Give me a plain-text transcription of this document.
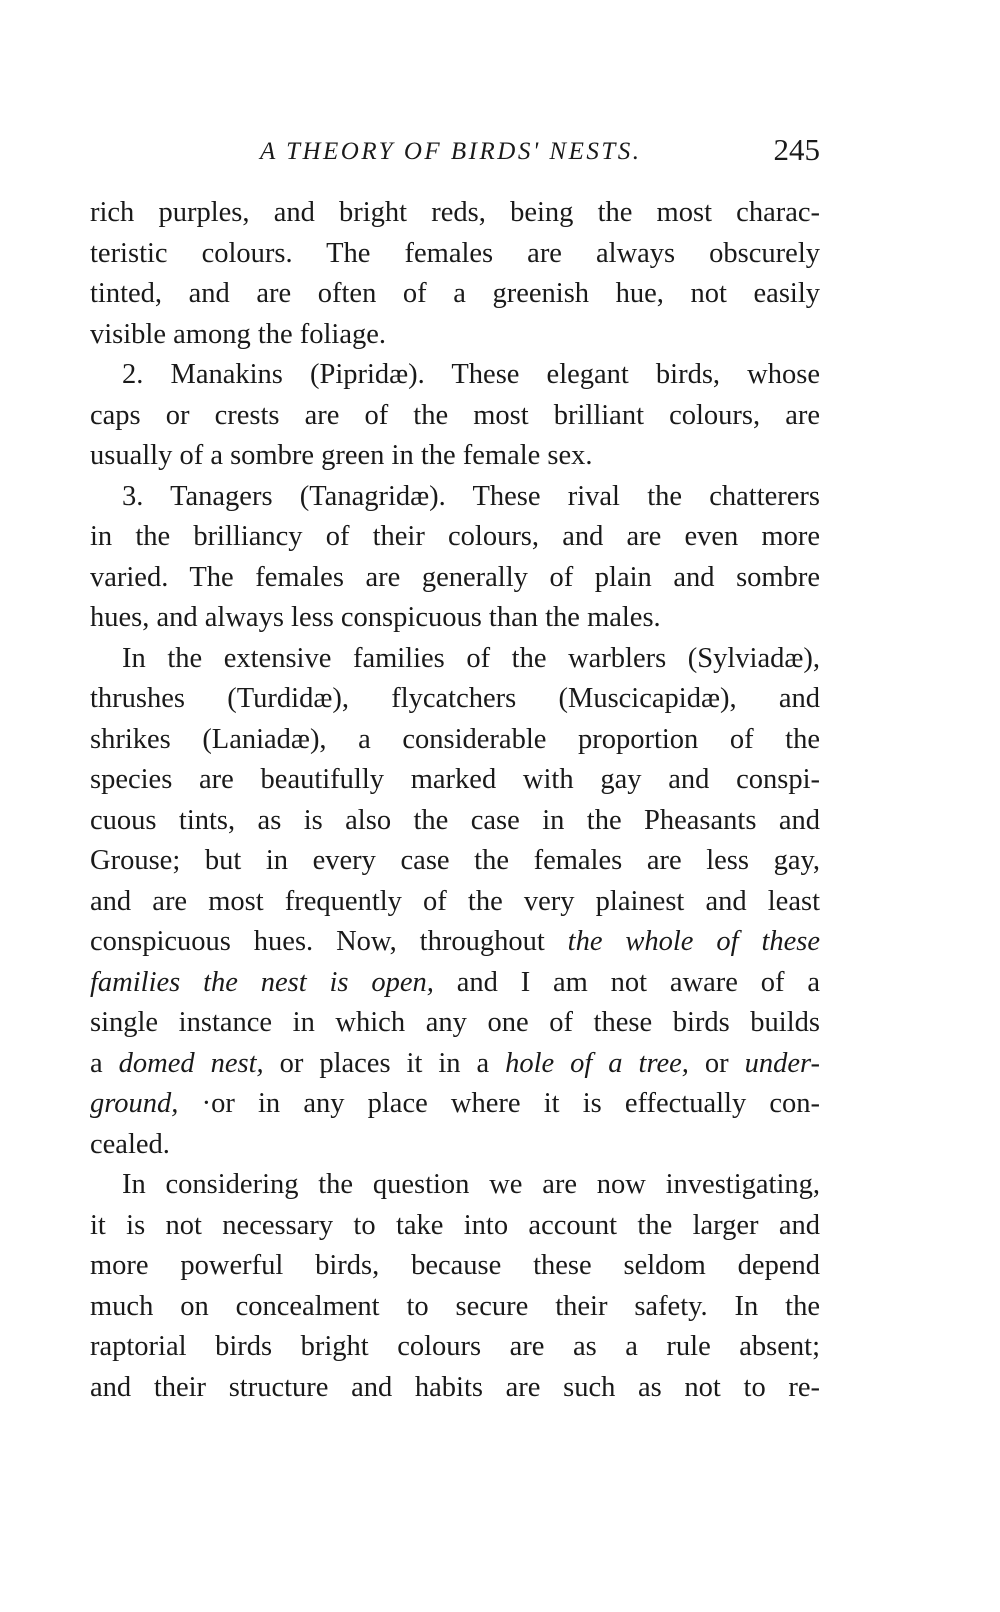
A THEORY OF BIRDS' NESTS.	245
rich purples, and bright reds, being the most charac-
teristic colours. The females are always obscurely
tinted, and are often of a greenish hue, not easily
visible among the foliage.
2. Manakins (Pipridæ). These elegant birds, whose
caps or crests are of the most brilliant colours, are
usually of a sombre green in the female sex.
3. Tanagers (Tanagridæ). These rival the chatterers
in the brilliancy of their colours, and are even more
varied. The females are generally of plain and sombre
hues, and always less conspicuous than the males.
In the extensive families of the warblers (Sylviadæ),
thrushes (Turdidæ), flycatchers (Muscicapidæ), and
shrikes (Laniadæ), a considerable proportion of the
species are beautifully marked with gay and conspi-
cuous tints, as is also the case in the Pheasants and
Grouse; but in every case the females are less gay,
and are most frequently of the very plainest and least
conspicuous hues. Now, throughout the whole of these
families the nest is open, and I am not aware of a
single instance in which any one of these birds builds
a domed nest, or places it in a hole of a tree, or under-
ground, ·or in any place where it is effectually con-
cealed.
In considering the question we are now investigating,
it is not necessary to take into account the larger and
more powerful birds, because these seldom depend
much on concealment to secure their safety. In the
raptorial birds bright colours are as a rule absent;
and their structure and habits are such as not to re-
